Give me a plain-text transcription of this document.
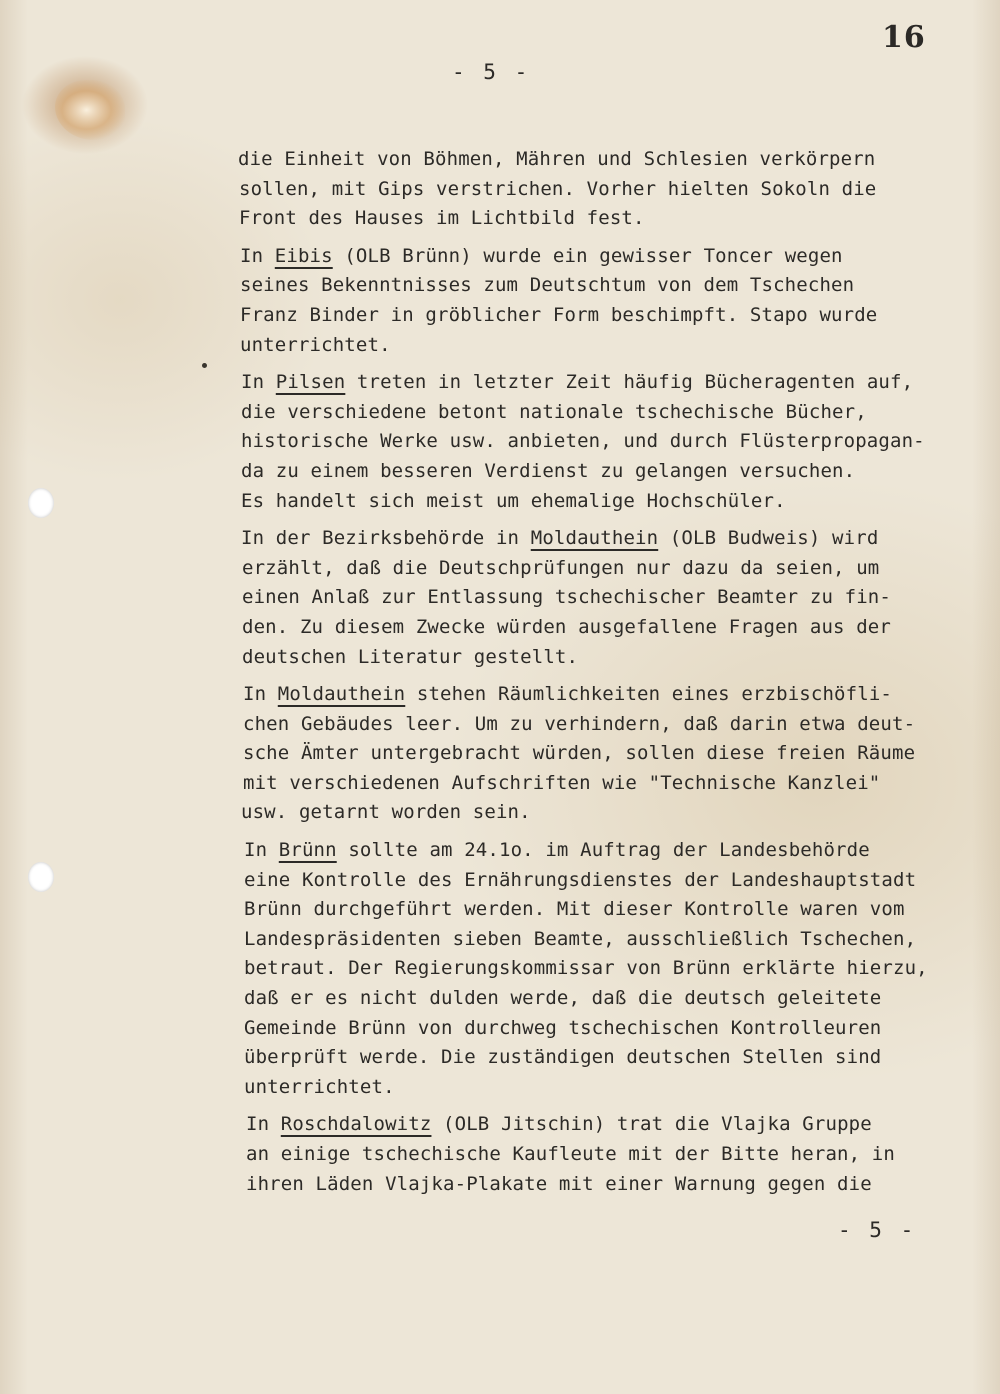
16
- 5 -
die Einheit von Böhmen, Mähren und Schlesien verkörpern
sollen, mit Gips verstrichen. Vorher hielten Sokoln die
Front des Hauses im Lichtbild fest.
In Eibis (OLB Brünn) wurde ein gewisser Toncer wegen
seines Bekenntnisses zum Deutschtum von dem Tschechen
Franz Binder in gröblicher Form beschimpft. Stapo wurde
unterrichtet.
In Pilsen treten in letzter Zeit häufig Bücheragenten auf,
die verschiedene betont nationale tschechische Bücher,
historische Werke usw. anbieten, und durch Flüsterpropagan-
da zu einem besseren Verdienst zu gelangen versuchen.
Es handelt sich meist um ehemalige Hochschüler.
In der Bezirksbehörde in Moldauthein (OLB Budweis) wird
erzählt, daß die Deutschprüfungen nur dazu da seien, um
einen Anlaß zur Entlassung tschechischer Beamter zu fin-
den. Zu diesem Zwecke würden ausgefallene Fragen aus der
deutschen Literatur gestellt.
In Moldauthein stehen Räumlichkeiten eines erzbischöfli-
chen Gebäudes leer. Um zu verhindern, daß darin etwa deut-
sche Ämter untergebracht würden, sollen diese freien Räume
mit verschiedenen Aufschriften wie "Technische Kanzlei"
usw. getarnt worden sein.
In Brünn sollte am 24.1o. im Auftrag der Landesbehörde
eine Kontrolle des Ernährungsdienstes der Landeshauptstadt
Brünn durchgeführt werden. Mit dieser Kontrolle waren vom
Landespräsidenten sieben Beamte, ausschließlich Tschechen,
betraut. Der Regierungskommissar von Brünn erklärte hierzu,
daß er es nicht dulden werde, daß die deutsch geleitete
Gemeinde Brünn von durchweg tschechischen Kontrolleuren
überprüft werde. Die zuständigen deutschen Stellen sind
unterrichtet.
In Roschdalowitz (OLB Jitschin) trat die Vlajka Gruppe
an einige tschechische Kaufleute mit der Bitte heran, in
ihren Läden Vlajka-Plakate mit einer Warnung gegen die
- 5 -
